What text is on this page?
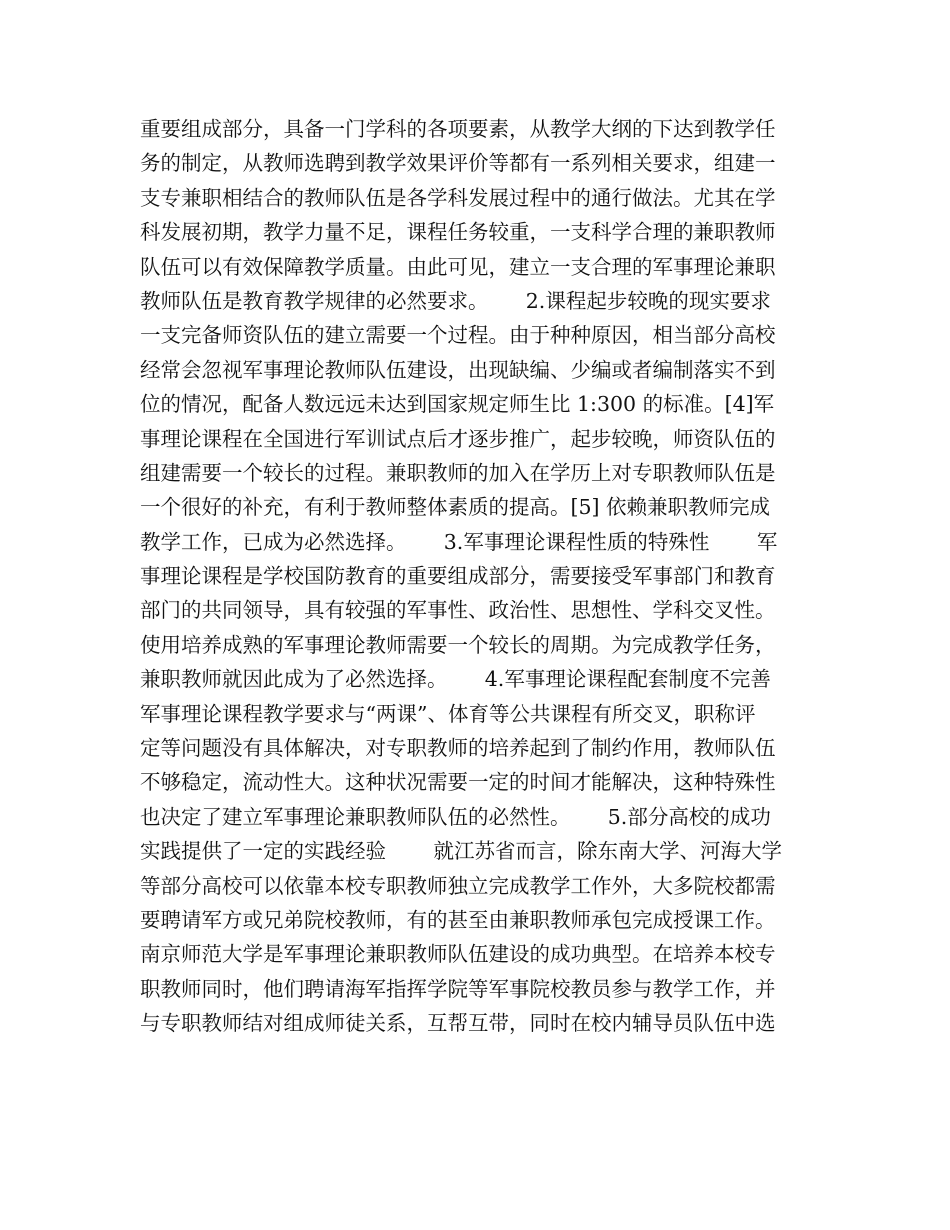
重要组成部分，具备一门学科的各项要素，从教学大纲的下达到教学任
务的制定，从教师选聘到教学效果评价等都有一系列相关要求，组建一
支专兼职相结合的教师队伍是各学科发展过程中的通行做法。尤其在学
科发展初期，教学力量不足，课程任务较重，一支科学合理的兼职教师
队伍可以有效保障教学质量。由此可见，建立一支合理的军事理论兼职
教师队伍是教育教学规律的必然要求。　　 2.课程起步较晚的现实要求
一支完备师资队伍的建立需要一个过程。由于种种原因，相当部分高校
经常会忽视军事理论教师队伍建设，出现缺编、少编或者编制落实不到
位的情况，配备人数远远未达到国家规定师生比 1:300 的标准。[4]军
事理论课程在全国进行军训试点后才逐步推广，起步较晚，师资队伍的
组建需要一个较长的过程。兼职教师的加入在学历上对专职教师队伍是
一个很好的补充，有利于教师整体素质的提高。[5] 依赖兼职教师完成
教学工作，已成为必然选择。　　 3.军事理论课程性质的特殊性　　 军
事理论课程是学校国防教育的重要组成部分，需要接受军事部门和教育
部门的共同领导，具有较强的军事性、政治性、思想性、学科交叉性。
使用培养成熟的军事理论教师需要一个较长的周期。为完成教学任务，
兼职教师就因此成为了必然选择。　　 4.军事理论课程配套制度不完善
军事理论课程教学要求与“两课”、体育等公共课程有所交叉，职称评
定等问题没有具体解决，对专职教师的培养起到了制约作用，教师队伍
不够稳定，流动性大。这种状况需要一定的时间才能解决，这种特殊性
也决定了建立军事理论兼职教师队伍的必然性。　　 5.部分高校的成功
实践提供了一定的实践经验　　 就江苏省而言，除东南大学、河海大学
等部分高校可以依靠本校专职教师独立完成教学工作外，大多院校都需
要聘请军方或兄弟院校教师，有的甚至由兼职教师承包完成授课工作。
南京师范大学是军事理论兼职教师队伍建设的成功典型。在培养本校专
职教师同时，他们聘请海军指挥学院等军事院校教员参与教学工作，并
与专职教师结对组成师徒关系，互帮互带，同时在校内辅导员队伍中选
